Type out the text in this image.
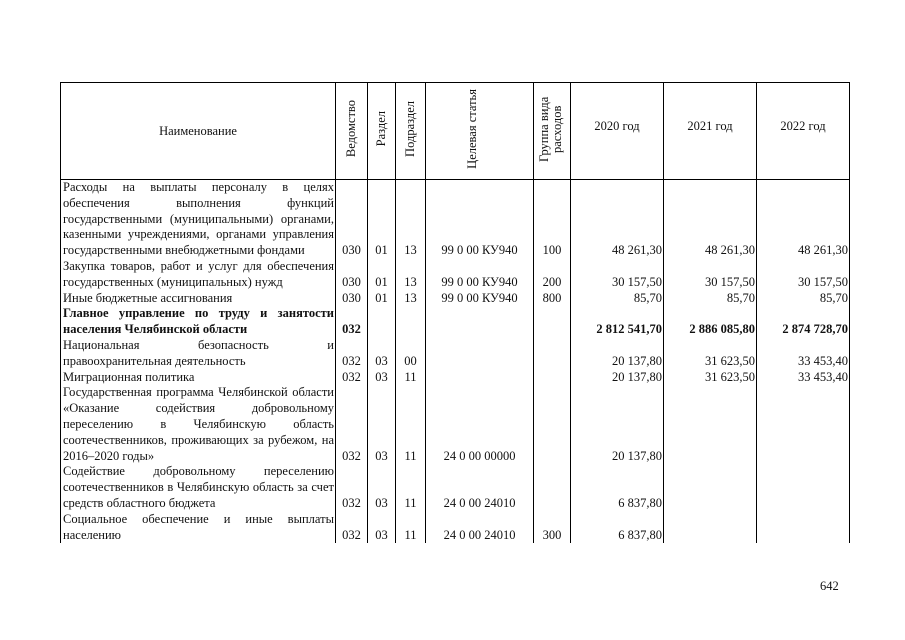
Наименование	Ведомство	Раздел	Подраздел	Целевая статья	Группа вида расходов	2020 год	2021 год	2022 год
Расходы на выплаты персоналу в целях обеспечения выполнения функций государственными (муниципальными) органами, казенными учреждениями, органами управления государственными внебюджетными фондами	030	01	13	99 0 00 КУ940	100	48 261,30	48 261,30	48 261,30
Закупка товаров, работ и услуг для обеспечения государственных (муниципальных) нужд	030	01	13	99 0 00 КУ940	200	30 157,50	30 157,50	30 157,50
Иные бюджетные ассигнования	030	01	13	99 0 00 КУ940	800	85,70	85,70	85,70
Главное управление по труду и занятости населения Челябинской области	032					2 812 541,70	2 886 085,80	2 874 728,70
Национальная безопасность и правоохранительная деятельность	032	03	00			20 137,80	31 623,50	33 453,40
Миграционная политика	032	03	11			20 137,80	31 623,50	33 453,40
Государственная программа Челябинской области «Оказание содействия добровольному переселению в Челябинскую область соотечественников, проживающих за рубежом, на 2016–2020 годы»	032	03	11	24 0 00 00000		20 137,80		
Содействие добровольному переселению соотечественников в Челябинскую область за счет средств областного бюджета	032	03	11	24 0 00 24010		6 837,80		
Социальное обеспечение и иные выплаты населению	032	03	11	24 0 00 24010	300	6 837,80		
642
